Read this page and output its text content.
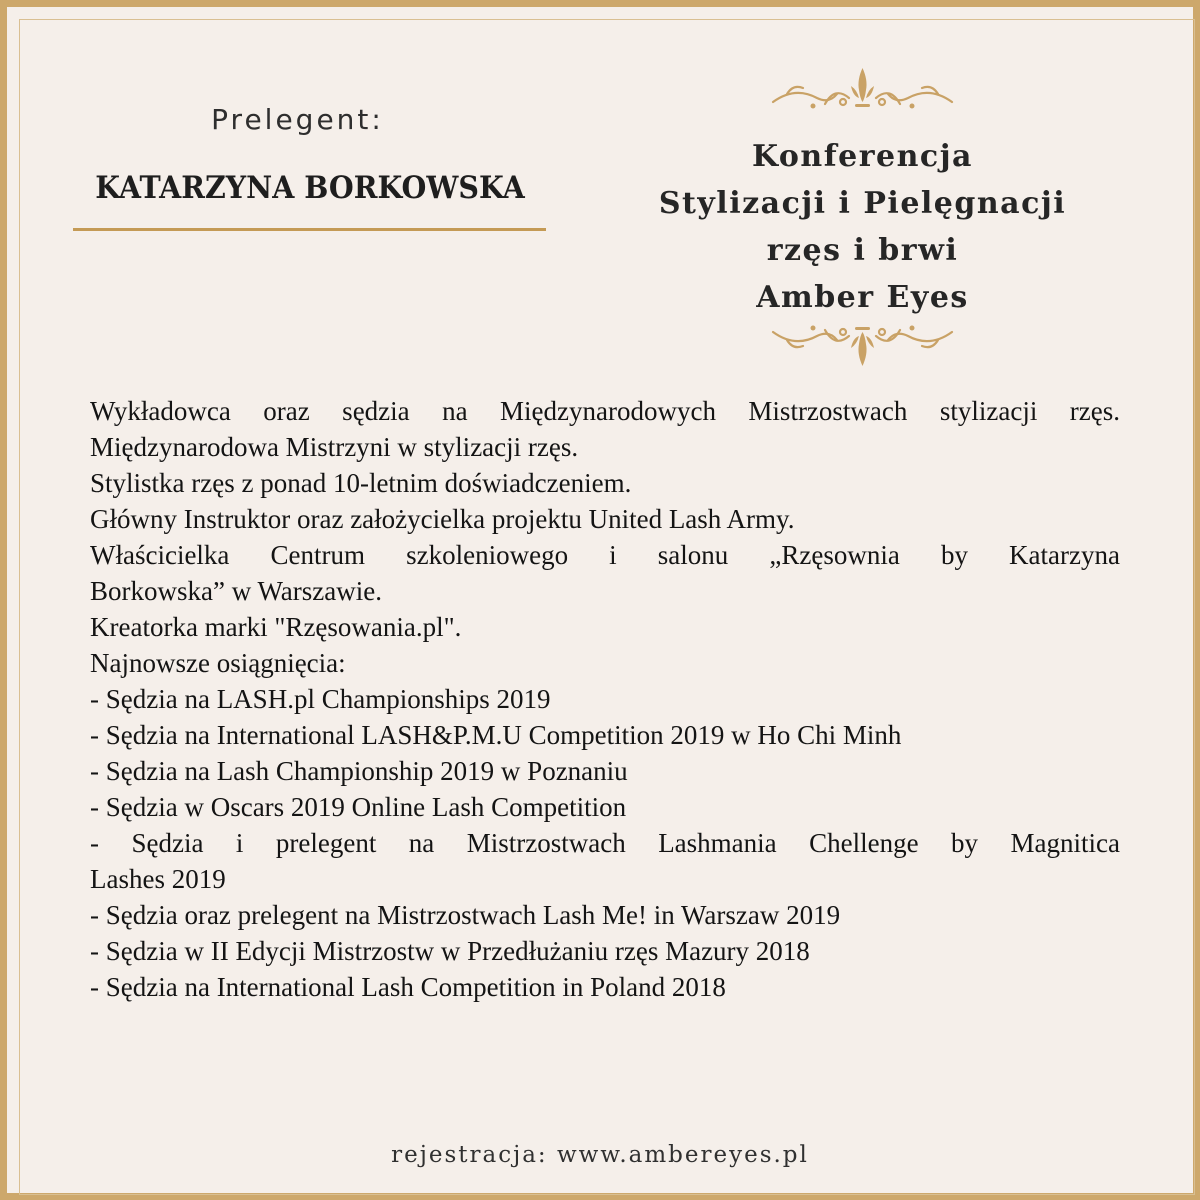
Prelegent:
KATARZYNA BORKOWSKA
Konferencja
Stylizacji i Pielęgnacji
rzęs i brwi
Amber Eyes
Wykładowca oraz sędzia na Międzynarodowych Mistrzostwach stylizacji rzęs.
Międzynarodowa Mistrzyni w stylizacji rzęs.
Stylistka rzęs z ponad 10-letnim doświadczeniem.
Główny Instruktor oraz założycielka projektu United Lash Army.
Właścicielka Centrum szkoleniowego i salonu „Rzęsownia by Katarzyna
Borkowska” w Warszawie.
Kreatorka marki "Rzęsowania.pl".
Najnowsze osiągnięcia:
- Sędzia na LASH.pl Championships 2019
- Sędzia na International LASH&P.M.U Competition 2019 w Ho Chi Minh
- Sędzia na Lash Championship 2019 w Poznaniu
- Sędzia w Oscars 2019 Online Lash Competition
- Sędzia i prelegent na Mistrzostwach Lashmania Chellenge by Magnitica
Lashes 2019
- Sędzia oraz prelegent na Mistrzostwach Lash Me! in Warszaw 2019
- Sędzia w II Edycji Mistrzostw w Przedłużaniu rzęs Mazury 2018
- Sędzia na International Lash Competition in Poland 2018
rejestracja: www.ambereyes.pl
